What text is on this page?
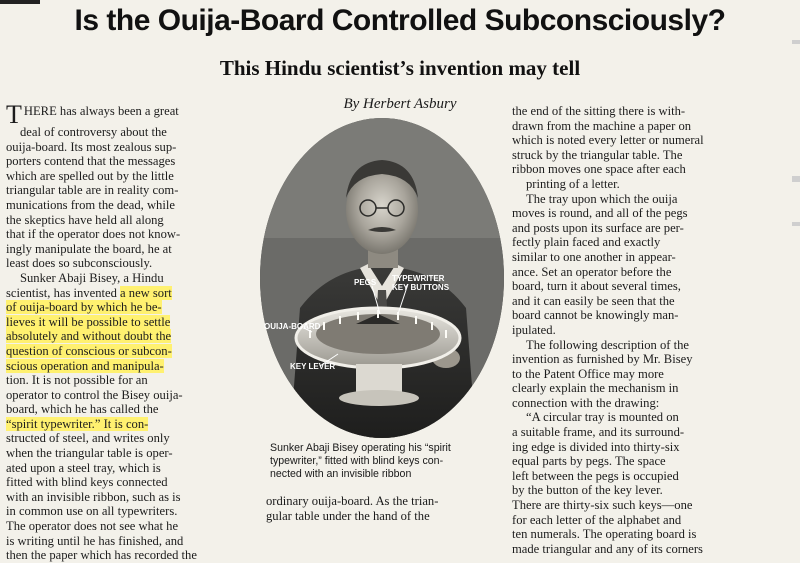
Is the Ouija-Board Controlled Subconsciously?
This Hindu scientist’s invention may tell
By Herbert Asbury
THERE has always been a great
deal of controversy about the
ouija-board. Its most zealous sup-
porters contend that the messages
which are spelled out by the little
triangular table are in reality com-
munications from the dead, while
the skeptics have held all along
that if the operator does not know-
ingly manipulate the board, he at
least does so subconsciously.
Sunker Abaji Bisey, a Hindu
scientist, has invented a new sort
of ouija-board by which he be-
lieves it will be possible to settle
absolutely and without doubt the
question of conscious or subcon-
scious operation and manipula-
tion. It is not possible for an
operator to control the Bisey ouija-
board, which he has called the
“spirit typewriter.” It is con-
structed of steel, and writes only
when the triangular table is oper-
ated upon a steel tray, which is
fitted with blind keys connected
with an invisible ribbon, such as is
in common use on all typewriters.
The operator does not see what he
is writing until he has finished, and
then the paper which has recorded the
PEGS TYPEWRITER KEY BUTTONS
OUIJA-BOARD
KEY LEVER
Sunker Abaji Bisey operating his “spirit
typewriter,” fitted with blind keys con-
nected with an invisible ribbon
ordinary ouija-board. As the trian-
gular table under the hand of the
the end of the sitting there is with-
drawn from the machine a paper on
which is noted every letter or numeral
struck by the triangular table. The
ribbon moves one space after each
printing of a letter.
The tray upon which the ouija
moves is round, and all of the pegs
and posts upon its surface are per-
fectly plain faced and exactly
similar to one another in appear-
ance. Set an operator before the
board, turn it about several times,
and it can easily be seen that the
board cannot be knowingly man-
ipulated.
The following description of the
invention as furnished by Mr. Bisey
to the Patent Office may more
clearly explain the mechanism in
connection with the drawing:
“A circular tray is mounted on
a suitable frame, and its surround-
ing edge is divided into thirty-six
equal parts by pegs. The space
left between the pegs is occupied
by the button of the key lever.
There are thirty-six such keys—one
for each letter of the alphabet and
ten numerals. The operating board is
made triangular and any of its corners
